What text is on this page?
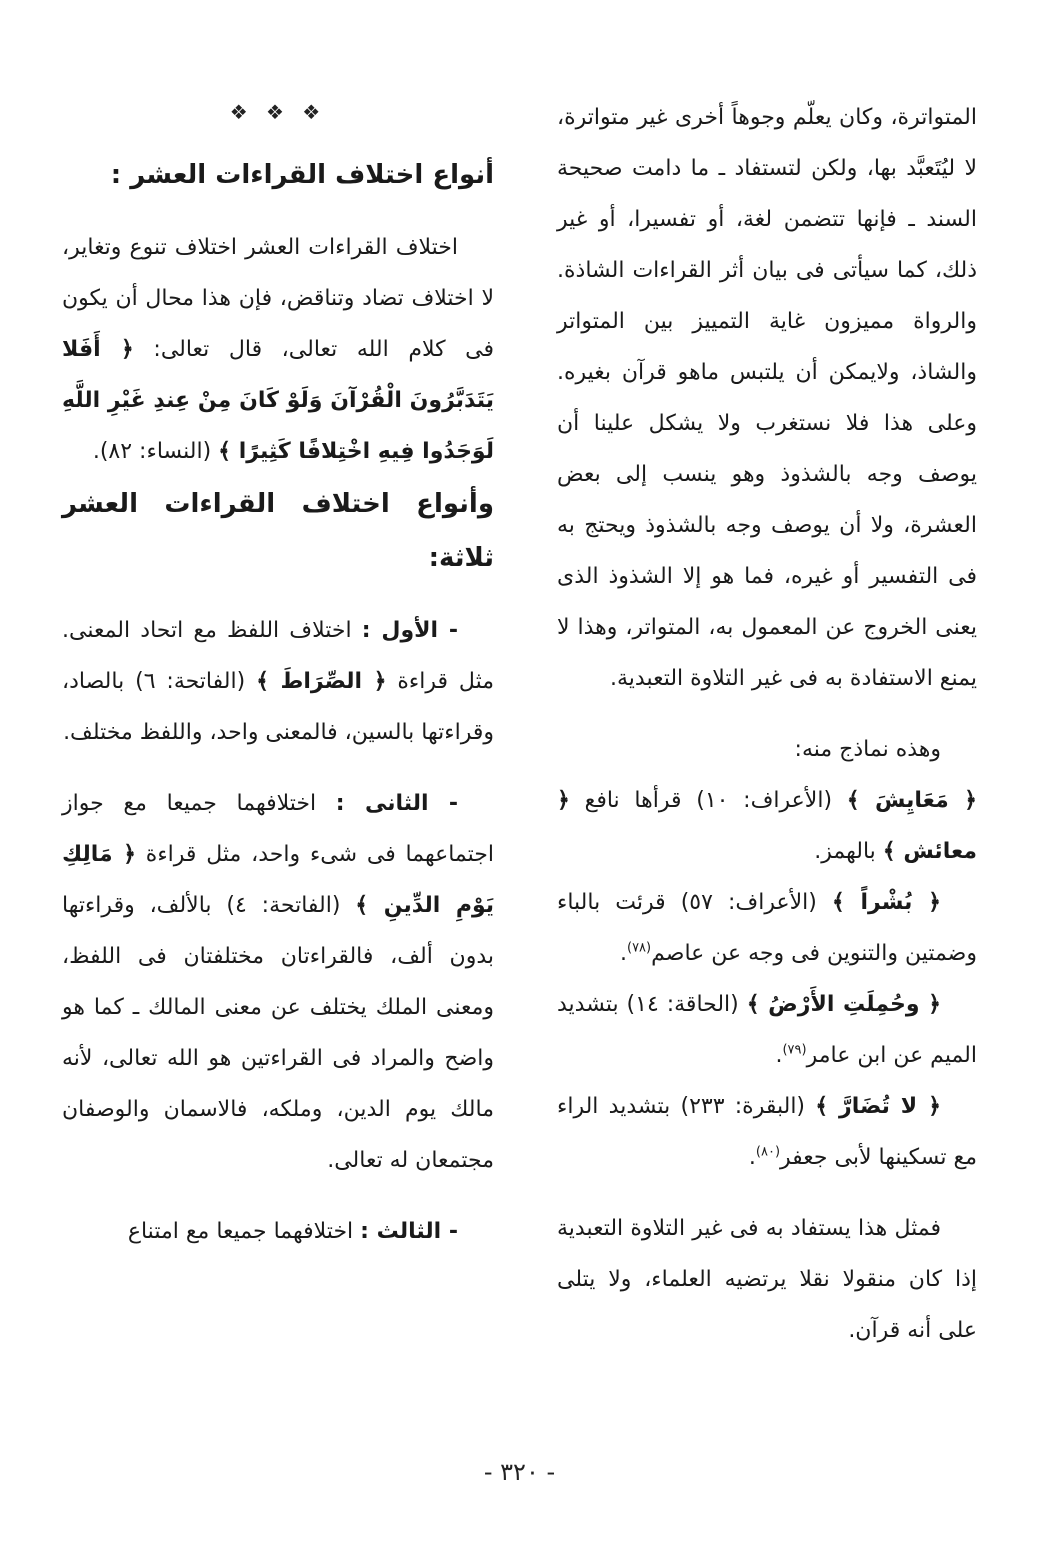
المتواترة، وكان يعلّم وجوهاً أخرى غير متواترة، لا ليُتَعبَّد بها، ولكن لتستفاد ـ ما دامت صحيحة السند ـ فإنها تتضمن لغة، أو تفسيرا، أو غير ذلك، كما سيأتى فى بيان أثر القراءات الشاذة. والرواة مميزون غاية التمييز بين المتواتر والشاذ، ولايمكن أن يلتبس ماهو قرآن بغيره. وعلى هذا فلا نستغرب ولا يشكل علينا أن يوصف وجه بالشذوذ وهو ينسب إلى بعض العشرة، ولا أن يوصف وجه بالشذوذ ويحتج به فى التفسير أو غيره، فما هو إلا الشذوذ الذى يعنى الخروج عن المعمول به، المتواتر، وهذا لا يمنع الاستفادة به فى غير التلاوة التعبدية.

وهذه نماذج منه:

﴿ مَعَايِشَ ﴾ (الأعراف: ١٠) قرأها نافع ﴿ معائش ﴾ بالهمز.

﴿ بُشْراً ﴾ (الأعراف: ٥٧) قرئت بالباء وضمتين والتنوين فى وجه عن عاصم$^{(٧٨)}$.

﴿ وحُمِلَتِ الأَرْضُ ﴾ (الحاقة: ١٤) بتشديد الميم عن ابن عامر$^{(٧٩)}$.

﴿ لا تُضَارَّ ﴾ (البقرة: ٢٣٣) بتشديد الراء مع تسكينها لأبى جعفر$^{(٨٠)}$.

فمثل هذا يستفاد به فى غير التلاوة التعبدية إذا كان منقولا نقلا يرتضيه العلماء، ولا يتلى على أنه قرآن.

❖ ❖ ❖
أنواع اختلاف القراءات العشر :

اختلاف القراءات العشر اختلاف تنوع وتغاير، لا اختلاف تضاد وتناقض، فإن هذا محال أن يكون فى كلام الله تعالى، قال تعالى: ﴿ أَفَلا يَتَدَبَّرُونَ الْقُرْآنَ وَلَوْ كَانَ مِنْ عِندِ غَيْرِ اللَّهِ لَوَجَدُوا فِيهِ اخْتِلافًا كَثِيرًا ﴾ (النساء: ٨٢).

وأنواع اختلاف القراءات العشر ثلاثة:

- الأول : اختلاف اللفظ مع اتحاد المعنى. مثل قراءة ﴿ الصِّرَاطَ ﴾ (الفاتحة: ٦) بالصاد، وقراءتها بالسين، فالمعنى واحد، واللفظ مختلف.

- الثانى : اختلافهما جميعا مع جواز اجتماعهما فى شىء واحد، مثل قراءة ﴿ مَالِكِ يَوْمِ الدِّينِ ﴾ (الفاتحة: ٤) بالألف، وقراءتها بدون ألف، فالقراءتان مختلفتان فى اللفظ، ومعنى الملك يختلف عن معنى المالك ـ كما هو واضح والمراد فى القراءتين هو الله تعالى، لأنه مالك يوم الدين، وملكه، فالاسمان والوصفان مجتمعان له تعالى.

- الثالث : اختلافهما جميعا مع امتناع

- ٣٢٠ -
